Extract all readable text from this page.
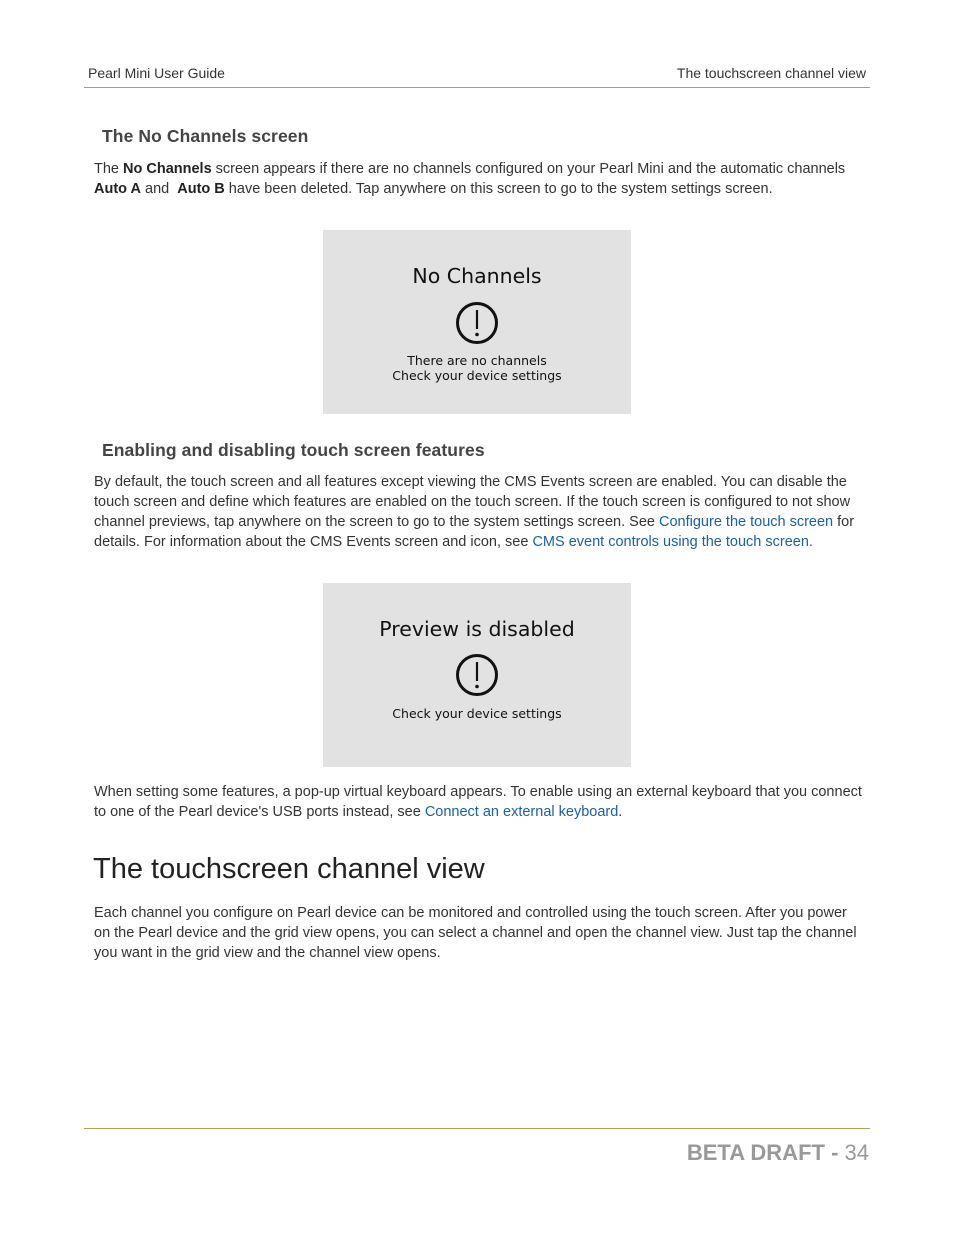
Pearl Mini User Guide	The touchscreen channel view
The No Channels screen
The No Channels screen appears if there are no channels configured on your Pearl Mini and the automatic channels Auto A and  Auto B have been deleted. Tap anywhere on this screen to go to the system settings screen.
No Channels
There are no channels
Check your device settings
Enabling and disabling touch screen features
By default, the touch screen and all features except viewing the CMS Events screen are enabled. You can disable the touch screen and define which features are enabled on the touch screen. If the touch screen is configured to not show channel previews, tap anywhere on the screen to go to the system settings screen. See Configure the touch screen for details. For information about the CMS Events screen and icon, see CMS event controls using the touch screen.
Preview is disabled
Check your device settings
When setting some features, a pop-up virtual keyboard appears. To enable using an external keyboard that you connect to one of the Pearl device's USB ports instead, see Connect an external keyboard.
The touchscreen channel view
Each channel you configure on Pearl device can be monitored and controlled using the touch screen. After you power on the Pearl device and the grid view opens, you can select a channel and open the channel view. Just tap the channel you want in the grid view and the channel view opens.
BETA DRAFT - 34
